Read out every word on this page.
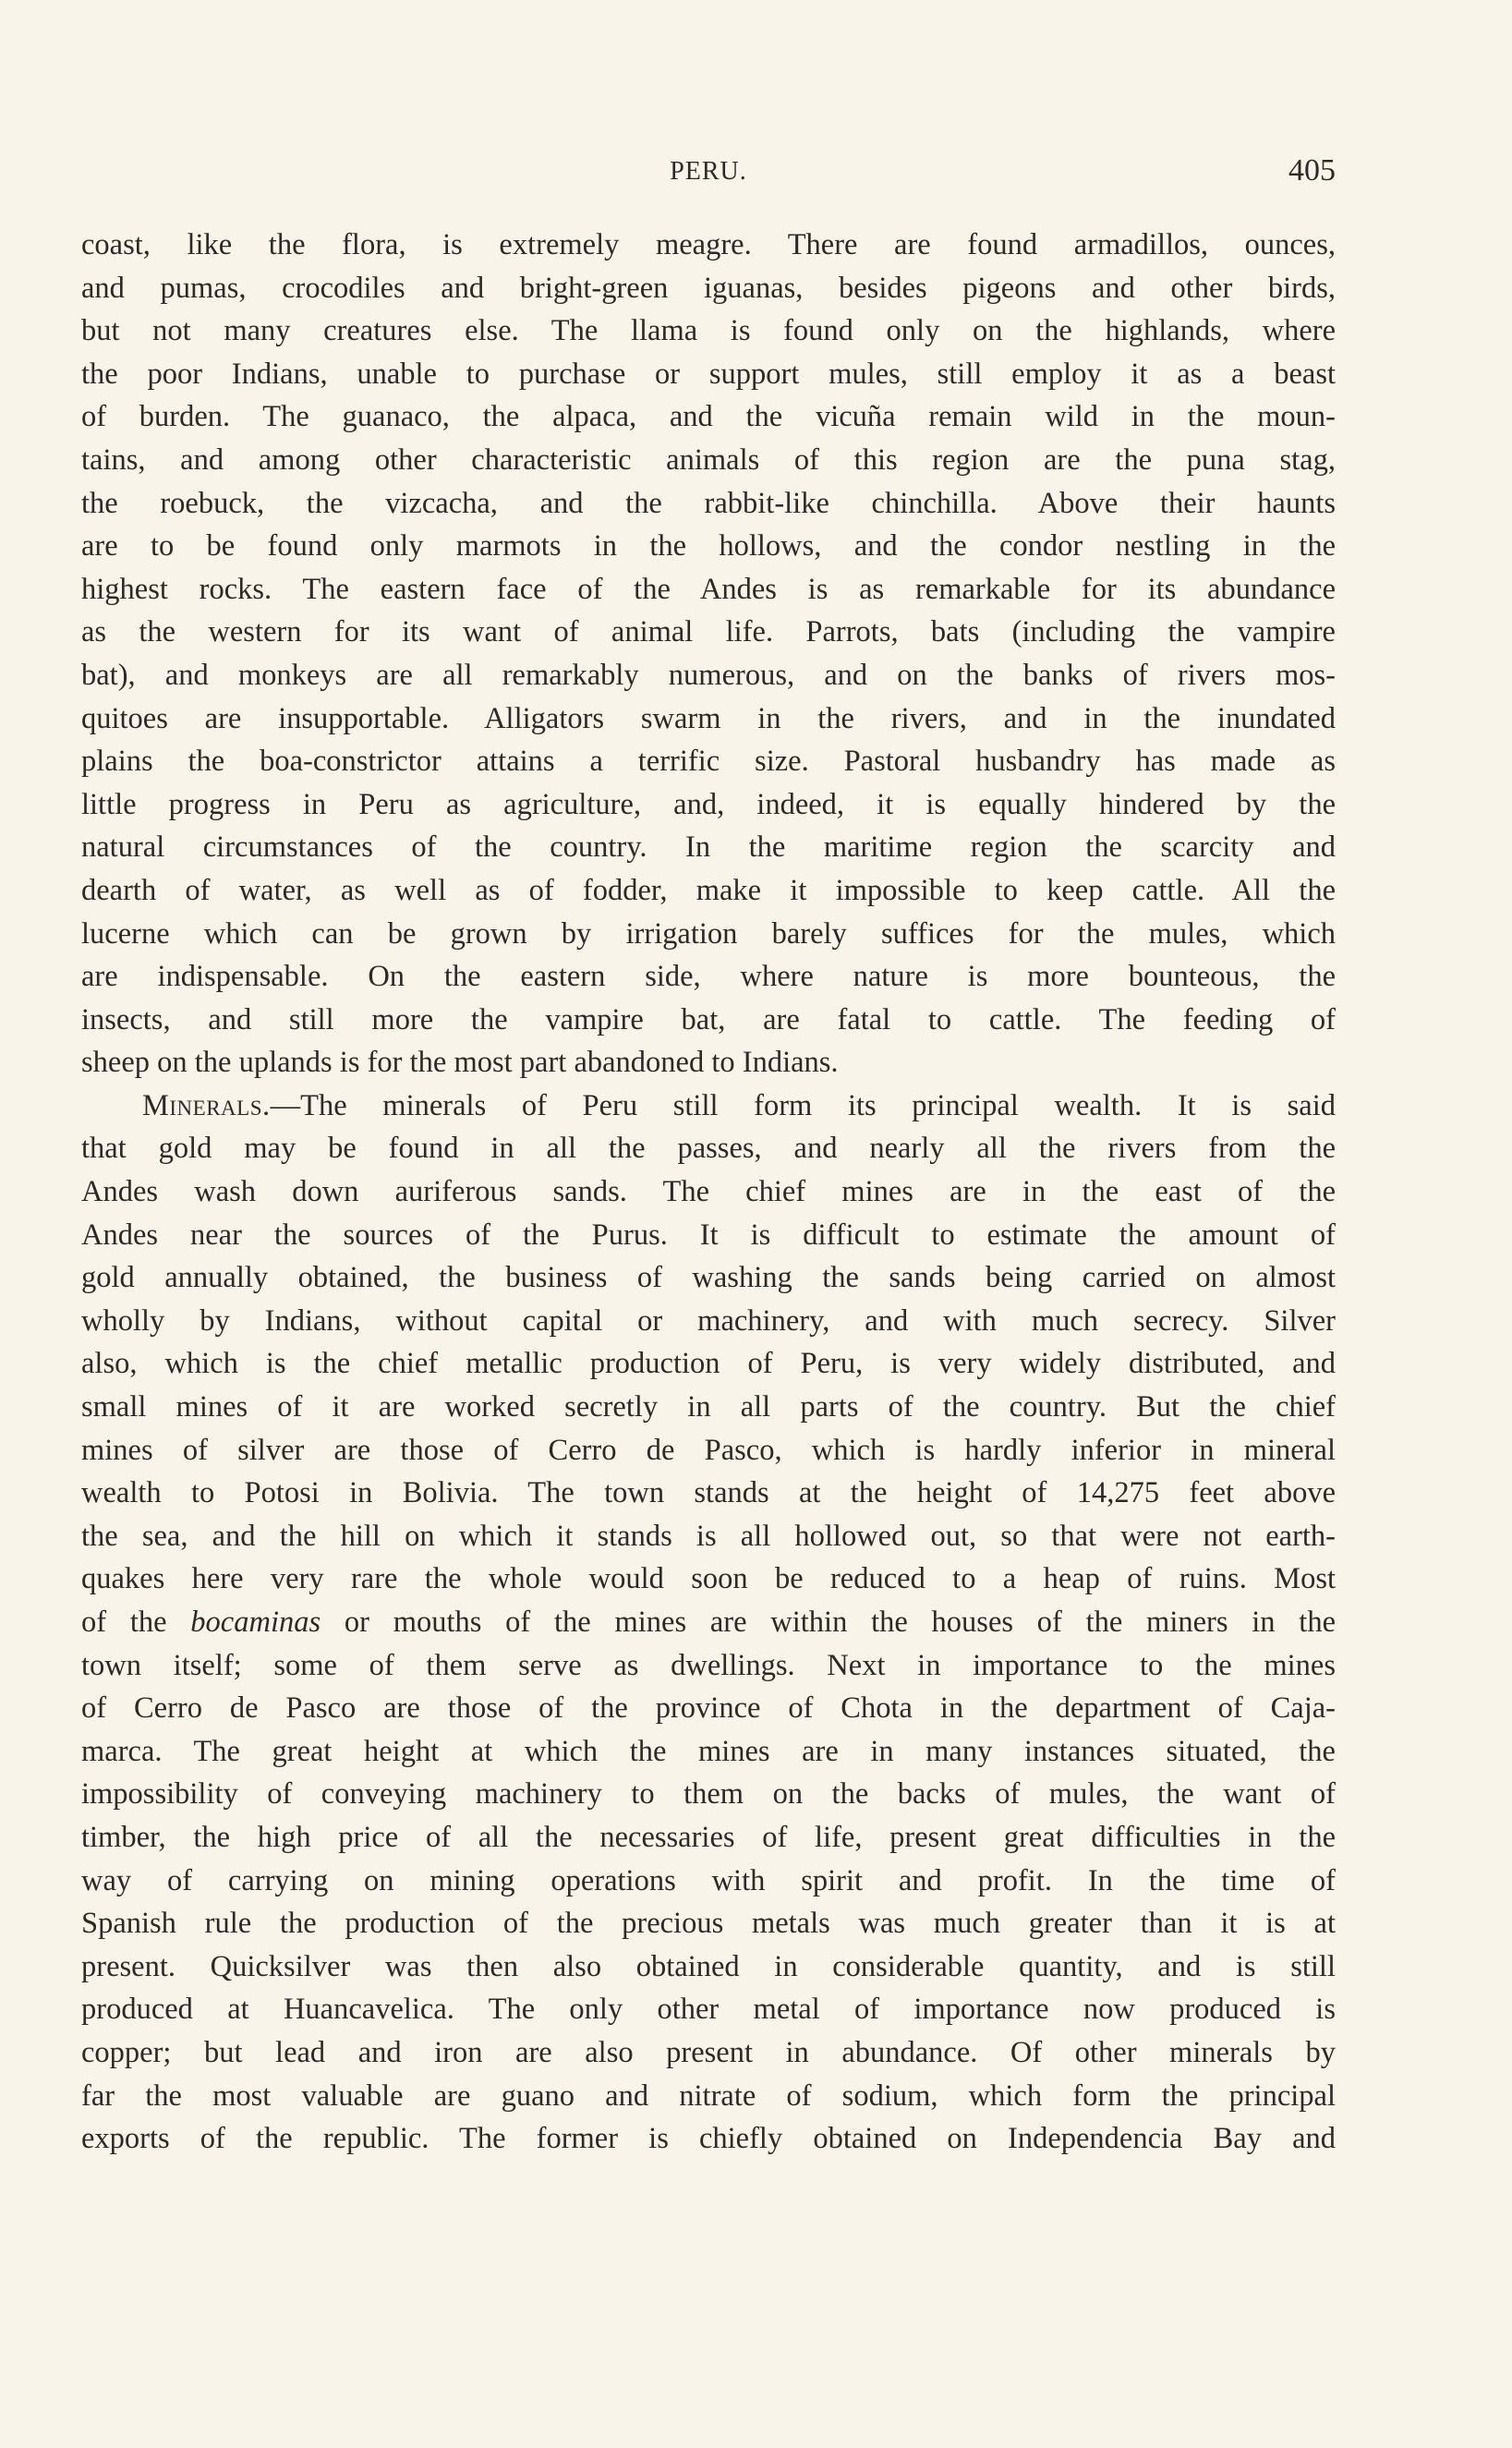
PERU.	405
coast, like the flora, is extremely meagre. There are found armadillos, ounces,
and pumas, crocodiles and bright-green iguanas, besides pigeons and other birds,
but not many creatures else. The llama is found only on the highlands, where
the poor Indians, unable to purchase or support mules, still employ it as a beast
of burden. The guanaco, the alpaca, and the vicuña remain wild in the moun-
tains, and among other characteristic animals of this region are the puna stag,
the roebuck, the vizcacha, and the rabbit-like chinchilla. Above their haunts
are to be found only marmots in the hollows, and the condor nestling in the
highest rocks. The eastern face of the Andes is as remarkable for its abundance
as the western for its want of animal life. Parrots, bats (including the vampire
bat), and monkeys are all remarkably numerous, and on the banks of rivers mos-
quitoes are insupportable. Alligators swarm in the rivers, and in the inundated
plains the boa-constrictor attains a terrific size. Pastoral husbandry has made as
little progress in Peru as agriculture, and, indeed, it is equally hindered by the
natural circumstances of the country. In the maritime region the scarcity and
dearth of water, as well as of fodder, make it impossible to keep cattle. All the
lucerne which can be grown by irrigation barely suffices for the mules, which
are indispensable. On the eastern side, where nature is more bounteous, the
insects, and still more the vampire bat, are fatal to cattle. The feeding of
sheep on the uplands is for the most part abandoned to Indians.
Minerals.—The minerals of Peru still form its principal wealth. It is said
that gold may be found in all the passes, and nearly all the rivers from the
Andes wash down auriferous sands. The chief mines are in the east of the
Andes near the sources of the Purus. It is difficult to estimate the amount of
gold annually obtained, the business of washing the sands being carried on almost
wholly by Indians, without capital or machinery, and with much secrecy. Silver
also, which is the chief metallic production of Peru, is very widely distributed, and
small mines of it are worked secretly in all parts of the country. But the chief
mines of silver are those of Cerro de Pasco, which is hardly inferior in mineral
wealth to Potosi in Bolivia. The town stands at the height of 14,275 feet above
the sea, and the hill on which it stands is all hollowed out, so that were not earth-
quakes here very rare the whole would soon be reduced to a heap of ruins. Most
of the bocaminas or mouths of the mines are within the houses of the miners in the
town itself; some of them serve as dwellings. Next in importance to the mines
of Cerro de Pasco are those of the province of Chota in the department of Caja-
marca. The great height at which the mines are in many instances situated, the
impossibility of conveying machinery to them on the backs of mules, the want of
timber, the high price of all the necessaries of life, present great difficulties in the
way of carrying on mining operations with spirit and profit. In the time of
Spanish rule the production of the precious metals was much greater than it is at
present. Quicksilver was then also obtained in considerable quantity, and is still
produced at Huancavelica. The only other metal of importance now produced is
copper; but lead and iron are also present in abundance. Of other minerals by
far the most valuable are guano and nitrate of sodium, which form the principal
exports of the republic. The former is chiefly obtained on Independencia Bay and
